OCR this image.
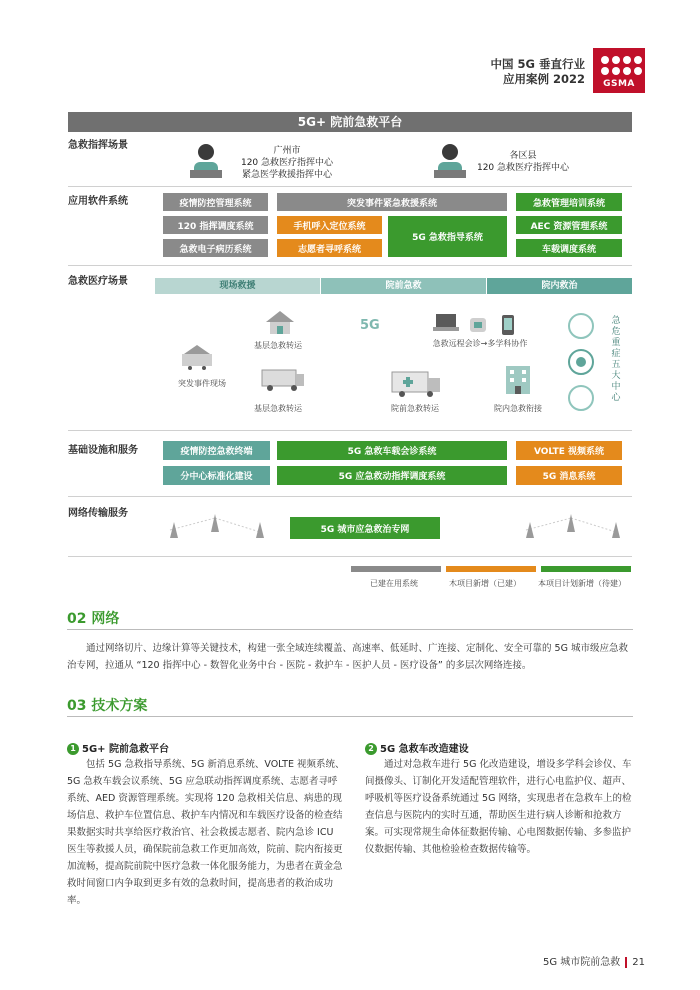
中国 5G 垂直行业
应用案例 2022	GSMA
5G+ 院前急救平台
急救指挥场景	广州市
120 急救医疗指挥中心
紧急医学救援指挥中心
各区县
120 急救医疗指挥中心
应用软件系统	疫情防控管理系统	突发事件紧急救援系统	急救管理培训系统
120 指挥调度系统	手机呼入定位系统
5G 急救指导系统
AEC 资源管理系统
急救电子病历系统	志愿者寻呼系统	车载调度系统
急救医疗场景	现场救援	院前急救	院内救治
基层急救转运
突发事件现场
基层急救转运
5G
急救远程会诊→多学科协作
院前急救转运	院内急救衔接
急危重症五大中心
基础设施和服务	疫情防控急救终端	5G 急救车载会诊系统	VOLTE 视频系统
分中心标准化建设	5G 应急救动指挥调度系统	5G 消息系统
网络传输服务
5G 城市应急救治专网
已建在用系统	木项目新增（已建） 本项目计划新增（待建）
02 网络
通过网络切片、边缘计算等关键技术，构建一张全域连续覆盖、高速率、低延时、广连接、定制化、安全可靠的 5G 城市级应急救治专网，拉通从 “120 指挥中心 - 数智化业务中台 - 医院 - 救护车 - 医护人员 - 医疗设备” 的多层次网络连接。
03 技术方案
1 5G+ 院前急救平台
包括 5G 急救指导系统、5G 新消息系统、VOLTE 视频系统、5G 急救车载会议系统、5G 应急联动指挥调度系统、志愿者寻呼系统、AED 资源管理系统。实现将 120 急救相关信息、病患的现场信息、救护车位置信息、救护车内情况和车载医疗设备的检查结果数据实时共享给医疗救治官、社会救援志愿者、院内急诊 ICU 医生等救援人员，确保院前急救工作更加高效，院前、院内衔接更加流畅，提高院前院中医疗急救一体化服务能力，为患者在黄金急救时间窗口内争取到更多有效的急救时间，提高患者的救治成功率。
2 5G 急救车改造建设
通过对急救车进行 5G 化改造建设，增设多学科会诊仪、车间摄像头、订制化开发适配管理软件，进行心电监护仪、超声、呼吸机等医疗设备系统通过 5G 网络，实现患者在急救车上的检查信息与医院内的实时互通，帮助医生进行病人诊断和抢救方案。可实现常规生命体征数据传输、心电图数据传输、多参监护仪数据传输、其他检验检查数据传输等。
5G 城市院前急救 21
